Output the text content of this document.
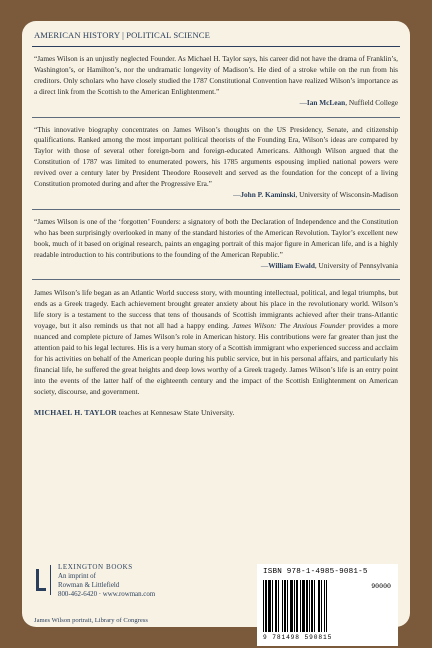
AMERICAN HISTORY | POLITICAL SCIENCE

“James Wilson is an unjustly neglected Founder. As Michael H. Taylor says, his career did not have the drama of Franklin’s, Washington’s, or Hamilton’s, nor the undramatic longevity of Madison’s. He died of a stroke while on the run from his creditors. Only scholars who have closely studied the 1787 Constitutional Convention have realized Wilson’s importance as a direct link from the Scottish to the American Enlightenment.”

—Ian McLean, Nuffield College

“This innovative biography concentrates on James Wilson’s thoughts on the US Presidency, Senate, and citizenship qualifications. Ranked among the most important political theorists of the Founding Era, Wilson’s ideas are compared by Taylor with those of several other foreign-born and foreign-educated Americans. Although Wilson argued that the Constitution of 1787 was limited to enumerated powers, his 1785 arguments espousing implied national powers were revived over a century later by President Theodore Roosevelt and served as the foundation for the concept of a living Constitution promoted during and after the Progressive Era.”

—John P. Kaminski, University of Wisconsin-Madison

“James Wilson is one of the ‘forgotten’ Founders: a signatory of both the Declaration of Independence and the Constitution who has been surprisingly overlooked in many of the standard histories of the American Revolution. Taylor’s excellent new book, much of it based on original research, paints an engaging portrait of this major figure in American life, and is a highly readable introduction to his contributions to the founding of the American Republic.”

—William Ewald, University of Pennsylvania

James Wilson’s life began as an Atlantic World success story, with mounting intellectual, political, and legal triumphs, but ends as a Greek tragedy. Each achievement brought greater anxiety about his place in the revolutionary world. Wilson’s life story is a testament to the success that tens of thousands of Scottish immigrants achieved after their trans-Atlantic voyage, but it also reminds us that not all had a happy ending. James Wilson: The Anxious Founder provides a more nuanced and complete picture of James Wilson’s role in American history. His contributions were far greater than just the attention paid to his legal lectures. His is a very human story of a Scottish immigrant who experienced success and acclaim for his activities on behalf of the American people during his public service, but in his personal affairs, and particularly his financial life, he suffered the great heights and deep lows worthy of a Greek tragedy. James Wilson’s life is an entry point into the events of the latter half of the eighteenth century and the impact of the Scottish Enlightenment on American society, discourse, and government.

MICHAEL H. TAYLOR teaches at Kennesaw State University.
LEXINGTON BOOKS
An imprint of
Rowman & Littlefield
800-462-6420 · www.rowman.com
James Wilson portrait, Library of Congress
ISBN 978-1-4985-9081-5
90000
9 781498 590815
